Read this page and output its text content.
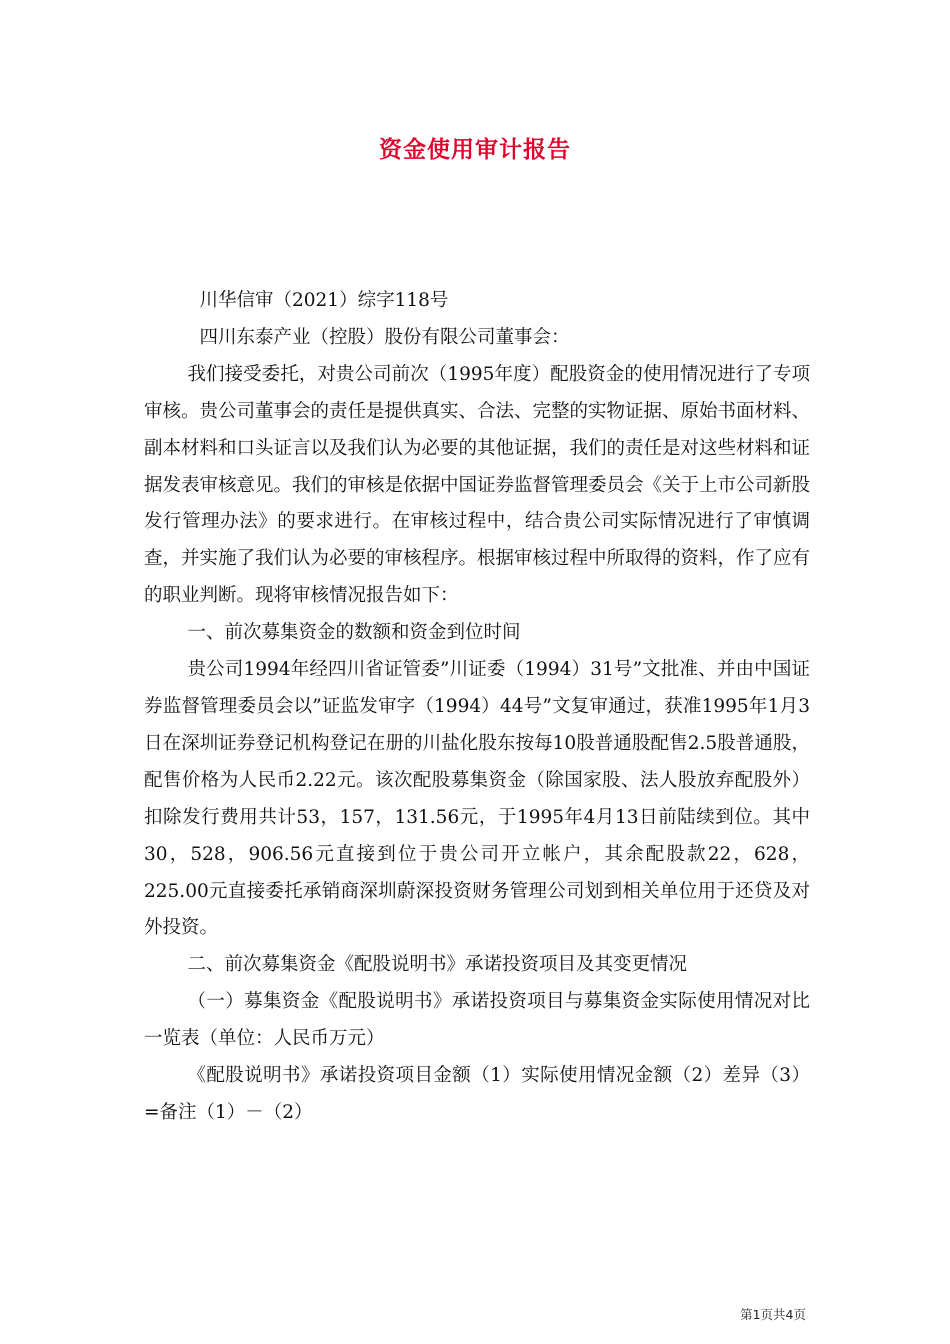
资金使用审计报告

川华信审（2021）综字118号

四川东泰产业（控股）股份有限公司董事会：

我们接受委托，对贵公司前次（1995年度）配股资金的使用情况进行了专项审核。贵公司董事会的责任是提供真实、合法、完整的实物证据、原始书面材料、副本材料和口头证言以及我们认为必要的其他证据，我们的责任是对这些材料和证据发表审核意见。我们的审核是依据中国证券监督管理委员会《关于上市公司新股发行管理办法》的要求进行。在审核过程中，结合贵公司实际情况进行了审慎调查，并实施了我们认为必要的审核程序。根据审核过程中所取得的资料，作了应有的职业判断。现将审核情况报告如下：

一、前次募集资金的数额和资金到位时间

贵公司1994年经四川省证管委”川证委（1994）31号”文批准、并由中国证券监督管理委员会以”证监发审字（1994）44号”文复审通过，获准1995年1月3日在深圳证券登记机构登记在册的川盐化股东按每10股普通股配售2.5股普通股，配售价格为人民币2.22元。该次配股募集资金（除国家股、法人股放弃配股外）扣除发行费用共计53，157，131.56元，于1995年4月13日前陆续到位。其中30，528，906.56元直接到位于贵公司开立帐户，其余配股款22，628，225.00元直接委托承销商深圳蔚深投资财务管理公司划到相关单位用于还贷及对外投资。

二、前次募集资金《配股说明书》承诺投资项目及其变更情况

（一）募集资金《配股说明书》承诺投资项目与募集资金实际使用情况对比一览表（单位：人民币万元）

《配股说明书》承诺投资项目金额（1）实际使用情况金额（2）差异（3）=备注（1）－（2）

第1页共4页
